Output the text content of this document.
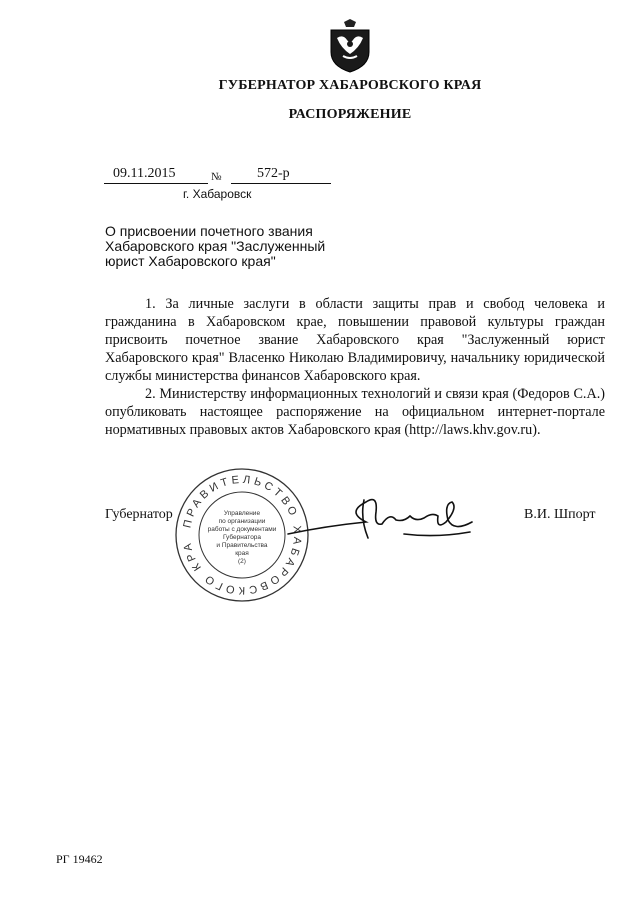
ГУБЕРНАТОР ХАБАРОВСКОГО КРАЯ
РАСПОРЯЖЕНИЕ
09.11.2015	№	572-р
г. Хабаровск
О присвоении почетного звания
Хабаровского края "Заслуженный
юрист Хабаровского края"

1. За личные заслуги в области защиты прав и свобод человека и гражданина в Хабаровском крае, повышении правовой культуры граждан присвоить почетное звание Хабаровского края "Заслуженный юрист Хабаровского края" Власенко Николаю Владимировичу, начальнику юридической службы министерства финансов Хабаровского края.

2. Министерству информационных технологий и связи края (Федоров С.А.) опубликовать настоящее распоряжение на официальном интернет-портале нормативных правовых актов Хабаровского края (http://laws.khv.gov.ru).

Губернатор	В.И. Шпорт
ПРАВИТЕЛЬСТВО ХАБАРОВСКОГО КРА
Управление
по организации
работы с документами
Губернатора
и Правительства
края
(2)
РГ 19462
